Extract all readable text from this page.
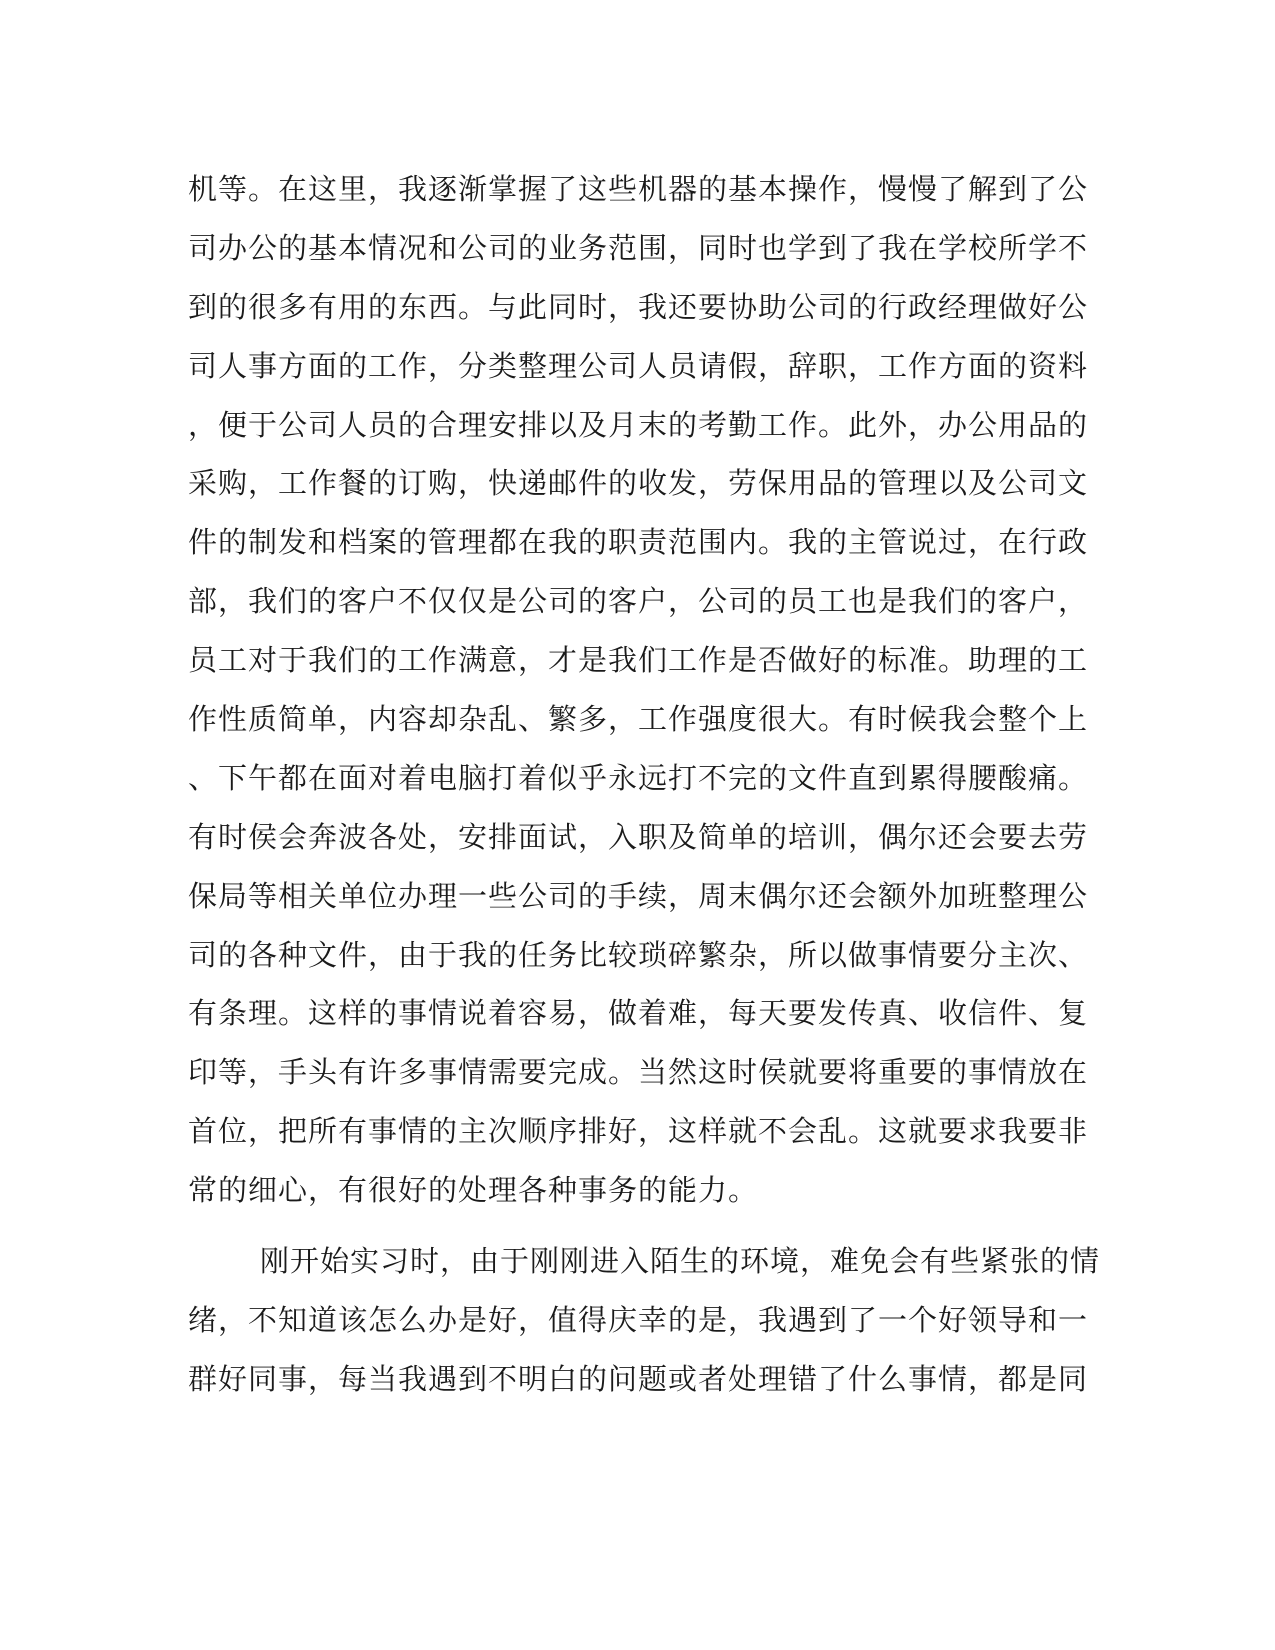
机等。在这里，我逐渐掌握了这些机器的基本操作，慢慢了解到了公
司办公的基本情况和公司的业务范围，同时也学到了我在学校所学不
到的很多有用的东西。与此同时，我还要协助公司的行政经理做好公
司人事方面的工作，分类整理公司人员请假，辞职，工作方面的资料
，便于公司人员的合理安排以及月末的考勤工作。此外，办公用品的
采购，工作餐的订购，快递邮件的收发，劳保用品的管理以及公司文
件的制发和档案的管理都在我的职责范围内。我的主管说过，在行政
部，我们的客户不仅仅是公司的客户，公司的员工也是我们的客户，
员工对于我们的工作满意，才是我们工作是否做好的标准。助理的工
作性质简单，内容却杂乱、繁多，工作强度很大。有时候我会整个上
、下午都在面对着电脑打着似乎永远打不完的文件直到累得腰酸痛。
有时侯会奔波各处，安排面试，入职及简单的培训，偶尔还会要去劳
保局等相关单位办理一些公司的手续，周末偶尔还会额外加班整理公
司的各种文件，由于我的任务比较琐碎繁杂，所以做事情要分主次、
有条理。这样的事情说着容易，做着难，每天要发传真、收信件、复
印等，手头有许多事情需要完成。当然这时侯就要将重要的事情放在
首位，把所有事情的主次顺序排好，这样就不会乱。这就要求我要非
常的细心，有很好的处理各种事务的能力。
刚开始实习时，由于刚刚进入陌生的环境，难免会有些紧张的情
绪，不知道该怎么办是好，值得庆幸的是，我遇到了一个好领导和一
群好同事，每当我遇到不明白的问题或者处理错了什么事情，都是同
